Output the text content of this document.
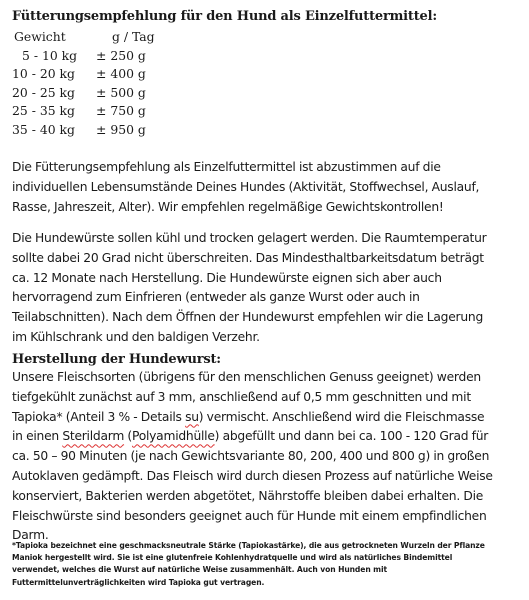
Fütterungsempfehlung für den Hund als Einzelfuttermittel:
Gewicht	g / Tag
5 - 10 kg	± 250 g
10 - 20 kg	± 400 g
20 - 25 kg	± 500 g
25 - 35 kg	± 750 g
35 - 40 kg	± 950 g

Die Fütterungsempfehlung als Einzelfuttermittel ist abzustimmen auf die
individuellen Lebensumstände Deines Hundes (Aktivität, Stoffwechsel, Auslauf,
Rasse, Jahreszeit, Alter). Wir empfehlen regelmäßige Gewichtskontrollen!

Die Hundewürste sollen kühl und trocken gelagert werden. Die Raumtemperatur
sollte dabei 20 Grad nicht überschreiten. Das Mindesthaltbarkeitsdatum beträgt
ca. 12 Monate nach Herstellung. Die Hundewürste eignen sich aber auch
hervorragend zum Einfrieren (entweder als ganze Wurst oder auch in
Teilabschnitten). Nach dem Öffnen der Hundewurst empfehlen wir die Lagerung
im Kühlschrank und den baldigen Verzehr.

Herstellung der Hundewurst:

Unsere Fleischsorten (übrigens für den menschlichen Genuss geeignet) werden
tiefgekühlt zunächst auf 3 mm, anschließend auf 0,5 mm geschnitten und mit
Tapioka* (Anteil 3 % - Details su) vermischt. Anschließend wird die Fleischmasse
in einen Sterildarm (Polyamidhülle) abgefüllt und dann bei ca. 100 - 120 Grad für
ca. 50 – 90 Minuten (je nach Gewichtsvariante 80, 200, 400 und 800 g) in großen
Autoklaven gedämpft. Das Fleisch wird durch diesen Prozess auf natürliche Weise
konserviert, Bakterien werden abgetötet, Nährstoffe bleiben dabei erhalten. Die
Fleischwürste sind besonders geeignet auch für Hunde mit einem empfindlichen
Darm.

*Tapioka bezeichnet eine geschmacksneutrale Stärke (Tapiokastärke), die aus getrockneten Wurzeln der Pflanze
Maniok hergestellt wird. Sie ist eine glutenfreie Kohlenhydratquelle und wird als natürliches Bindemittel
verwendet, welches die Wurst auf natürliche Weise zusammenhält. Auch von Hunden mit
Futtermittelunverträglichkeiten wird Tapioka gut vertragen.
